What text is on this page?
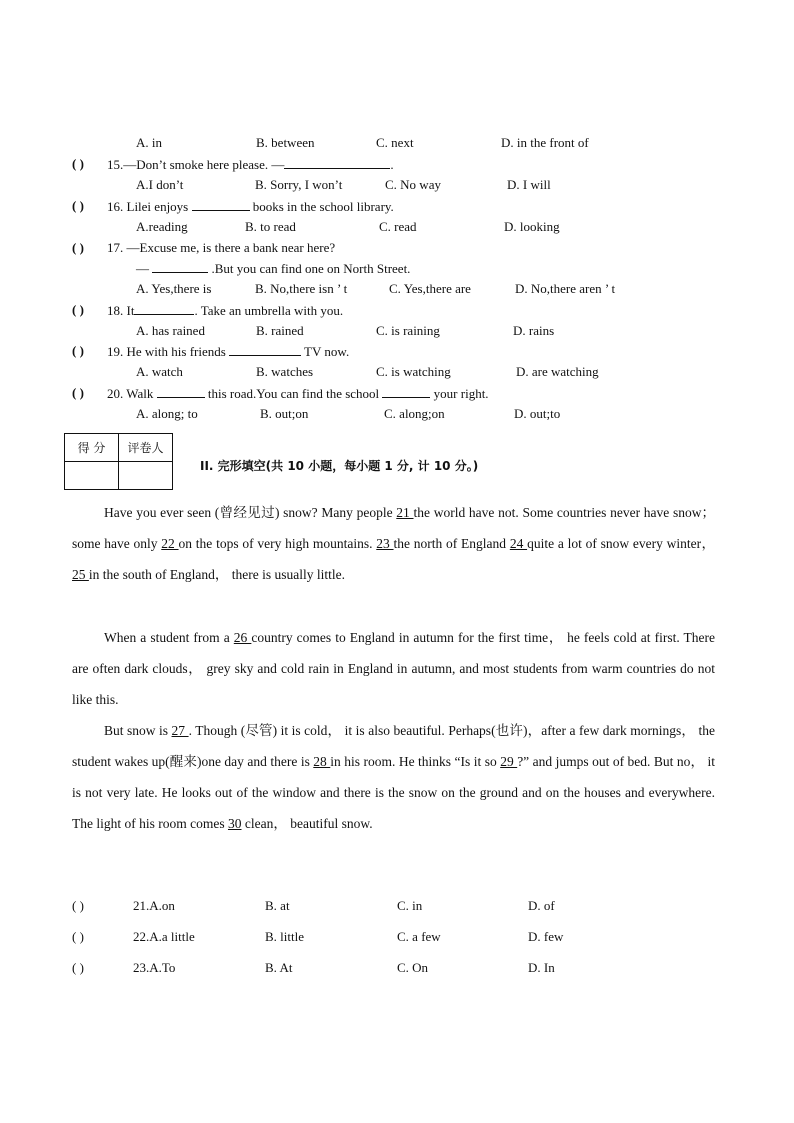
A. in	B. between	C. next	D. in the front of
( ) 15.—Don’t smoke here please. —	.
A.I don’t	B. Sorry, I won’t	C. No way	D. I will
( ) 16. Lilei enjoys	books in the school library.
A.reading	B. to read	C. read	D. looking
( ) 17. —Excuse me, is there a bank near here?
—	.But you can find one on North Street.
A. Yes,there is	B. No,there isn ’ t	C. Yes,there are	D. No,there aren ’ t
( ) 18. It	. Take an umbrella with you.
A. has rained	B. rained	C. is raining	D. rains
( ) 19. He with his friends	TV now.
A. watch	B. watches	C. is watching	D. are watching
( ) 20. Walk	this road.You can find the school	your right.
A. along; to	B. out;on	C. along;on	D. out;to
得 分	评卷人

II. 完形填空(共 10 小题，每小题 1 分, 计 10 分。)
Have you ever seen (曾经见过) snow? Many people 21 the world have not. Some countries never have snow；some have only 22 on the tops of very high mountains. 23 the north of England 24 quite a lot of snow every winter， 25 in the south of England， there is usually little.
When a student from a 26 country comes to England in autumn for the first time， he feels cold at first. There are often dark clouds， grey sky and cold rain in England in autumn, and most students from warm countries do not like this.
But snow is 27 . Though (尽管) it is cold， it is also beautiful. Perhaps(也许)，after a few dark mornings， the student wakes up(醒来)one day and there is 28 in his room. He thinks “Is it so 29 ?” and jumps out of bed. But no， it is not very late. He looks out of the window and there is the snow on the ground and on the houses and everywhere. The light of his room comes 30 clean， beautiful snow.
( )	21.A.on	B. at	C. in	D. of
( )	22.A.a little	B. little	C. a few	D. few
( )	23.A.To	B. At	C. On	D. In
